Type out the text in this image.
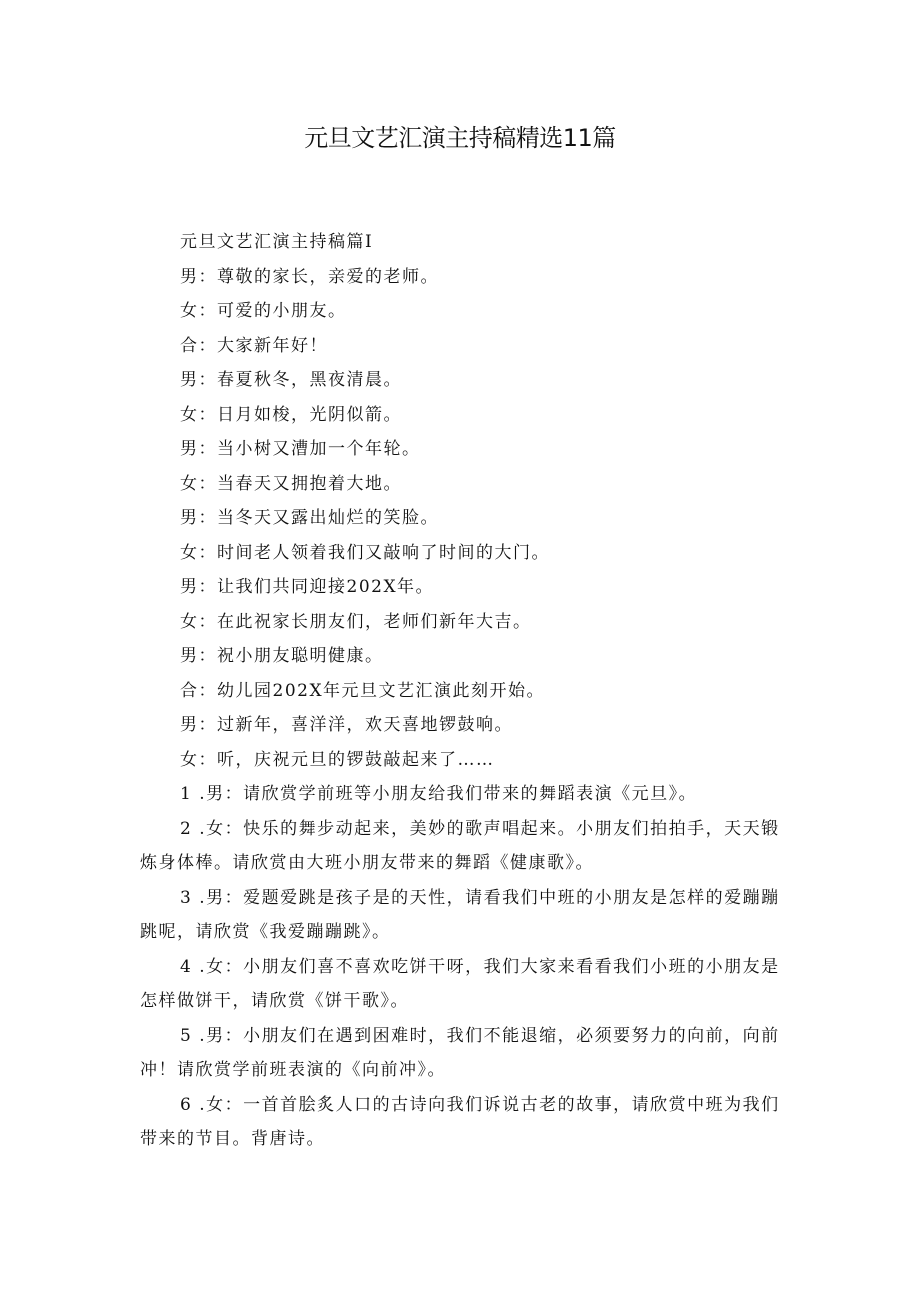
元旦文艺汇演主持稿精选11篇

元旦文艺汇演主持稿篇I

男：尊敬的家长，亲爱的老师。

女：可爱的小朋友。

合：大家新年好！

男：春夏秋冬，黑夜清晨。

女：日月如梭，光阴似箭。

男：当小树又漕加一个年轮。

女：当春天又拥抱着大地。

男：当冬天又露出灿烂的笑脸。

女：时间老人领着我们又敲响了时间的大门。

男：让我们共同迎接202X年。

女：在此祝家长朋友们，老师们新年大吉。

男：祝小朋友聪明健康。

合：幼儿园202X年元旦文艺汇演此刻开始。

男：过新年，喜洋洋，欢天喜地锣鼓响。

女：听，庆祝元旦的锣鼓敲起来了……

1 .男：请欣赏学前班等小朋友给我们带来的舞蹈表演《元旦》。

2 .女：快乐的舞步动起来，美妙的歌声唱起来。小朋友们拍拍手，天天锻炼身体棒。请欣赏由大班小朋友带来的舞蹈《健康歌》。

3 .男：爱题爱跳是孩子是的天性，请看我们中班的小朋友是怎样的爱蹦蹦跳呢，请欣赏《我爱蹦蹦跳》。

4 .女：小朋友们喜不喜欢吃饼干呀，我们大家来看看我们小班的小朋友是怎样做饼干，请欣赏《饼干歌》。

5 .男：小朋友们在遇到困难时，我们不能退缩，必须要努力的向前，向前冲！请欣赏学前班表演的《向前冲》。

6 .女：一首首脍炙人口的古诗向我们诉说古老的故事，请欣赏中班为我们带来的节目。背唐诗。
